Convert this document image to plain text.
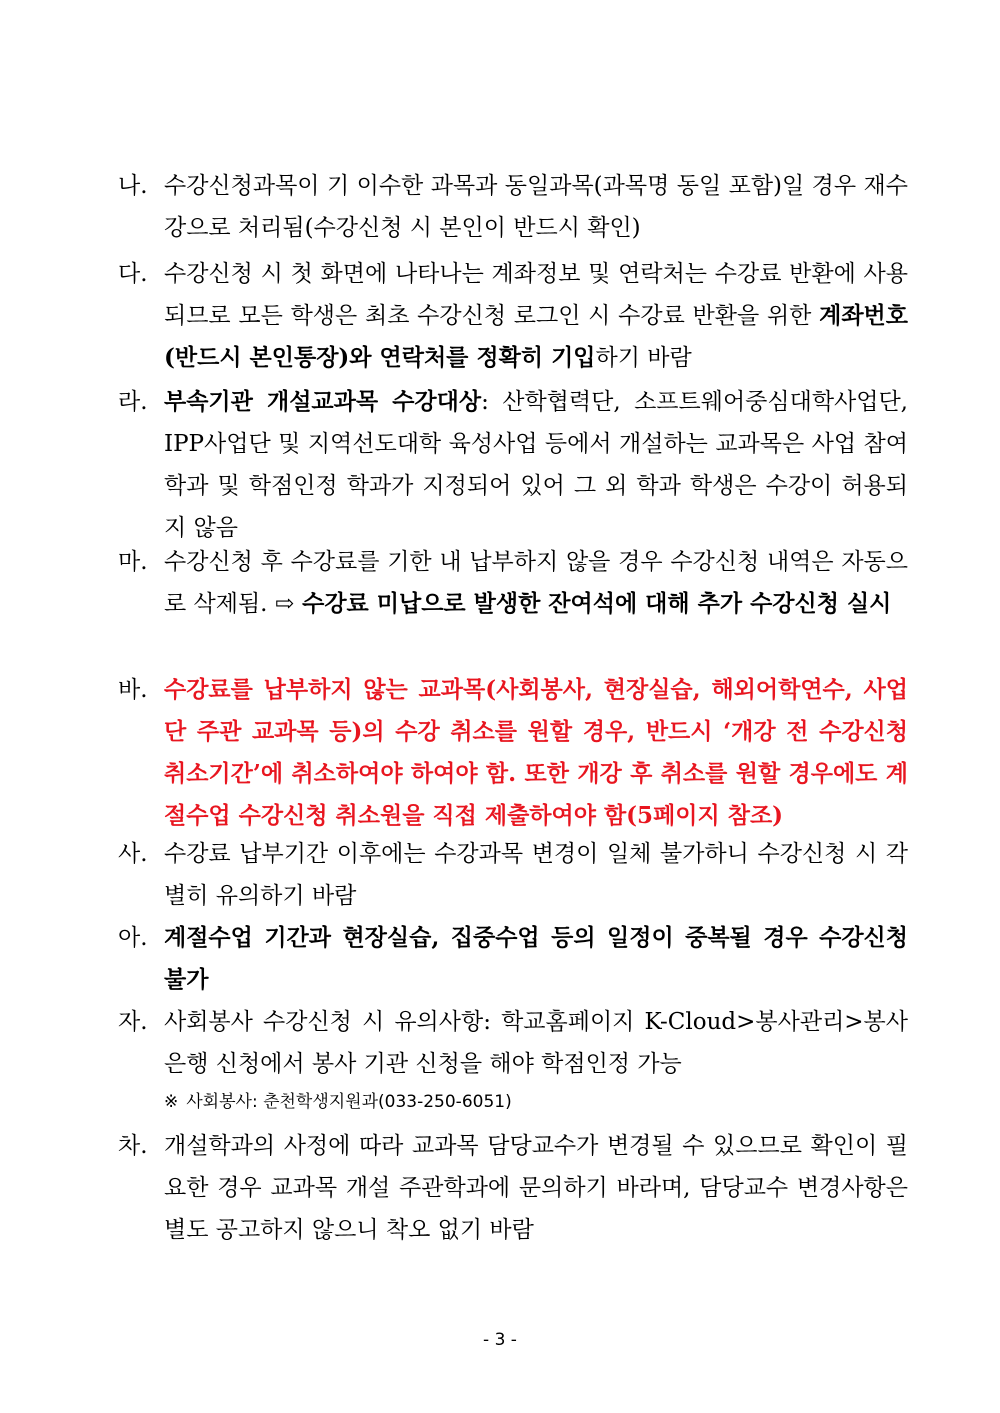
나. 수강신청과목이 기 이수한 과목과 동일과목(과목명 동일 포함)일 경우 재수강으로 처리됨(수강신청 시 본인이 반드시 확인)
다. 수강신청 시 첫 화면에 나타나는 계좌정보 및 연락처는 수강료 반환에 사용되므로 모든 학생은 최초 수강신청 로그인 시 수강료 반환을 위한 계좌번호(반드시 본인통장)와 연락처를 정확히 기입하기 바람
라. 부속기관 개설교과목 수강대상: 산학협력단, 소프트웨어중심대학사업단, IPP사업단 및 지역선도대학 육성사업 등에서 개설하는 교과목은 사업 참여 학과 및 학점인정 학과가 지정되어 있어 그 외 학과 학생은 수강이 허용되지 않음
마. 수강신청 후 수강료를 기한 내 납부하지 않을 경우 수강신청 내역은 자동으로 삭제됨. ⇨ 수강료 미납으로 발생한 잔여석에 대해 추가 수강신청 실시
바. 수강료를 납부하지 않는 교과목(사회봉사, 현장실습, 해외어학연수, 사업단 주관 교과목 등)의 수강 취소를 원할 경우, 반드시 ‘개강 전 수강신청 취소기간’에 취소하여야 하여야 함. 또한 개강 후 취소를 원할 경우에도 계절수업 수강신청 취소원을 직접 제출하여야 함(5페이지 참조)
사. 수강료 납부기간 이후에는 수강과목 변경이 일체 불가하니 수강신청 시 각별히 유의하기 바람
아. 계절수업 기간과 현장실습, 집중수업 등의 일정이 중복될 경우 수강신청 불가
자. 사회봉사 수강신청 시 유의사항: 학교홈페이지 K-Cloud>봉사관리>봉사은행 신청에서 봉사 기관 신청을 해야 학점인정 가능
※ 사회봉사: 춘천학생지원과(033-250-6051)
차. 개설학과의 사정에 따라 교과목 담당교수가 변경될 수 있으므로 확인이 필요한 경우 교과목 개설 주관학과에 문의하기 바라며, 담당교수 변경사항은 별도 공고하지 않으니 착오 없기 바람
- 3 -
